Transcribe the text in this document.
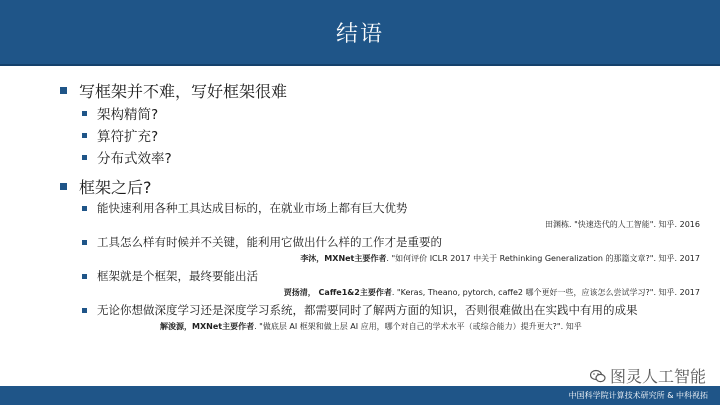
结语
写框架并不难，写好框架很难
架构精简?
算符扩充?
分布式效率?
框架之后?
能快速利用各种工具达成目标的，在就业市场上都有巨大优势
田渊栋. "快速迭代的人工智能". 知乎. 2016
工具怎么样有时候并不关键，能利用它做出什么样的工作才是重要的
李沐，MXNet主要作者. "如何评价 ICLR 2017 中关于 Rethinking Generalization 的那篇文章?". 知乎. 2017
框架就是个框架，最终要能出活
贾扬清， Caffe1&2主要作者. "Keras, Theano, pytorch, caffe2 哪个更好一些，应该怎么尝试学习?". 知乎. 2017
无论你想做深度学习还是深度学习系统，都需要同时了解两方面的知识，否则很难做出在实践中有用的成果
解浚源，MXNet主要作者. "做底层 AI 框架和做上层 AI 应用，哪个对自己的学术水平（或综合能力）提升更大?". 知乎
图灵人工智能
中国科学院计算技术研究所 & 中科视拓
